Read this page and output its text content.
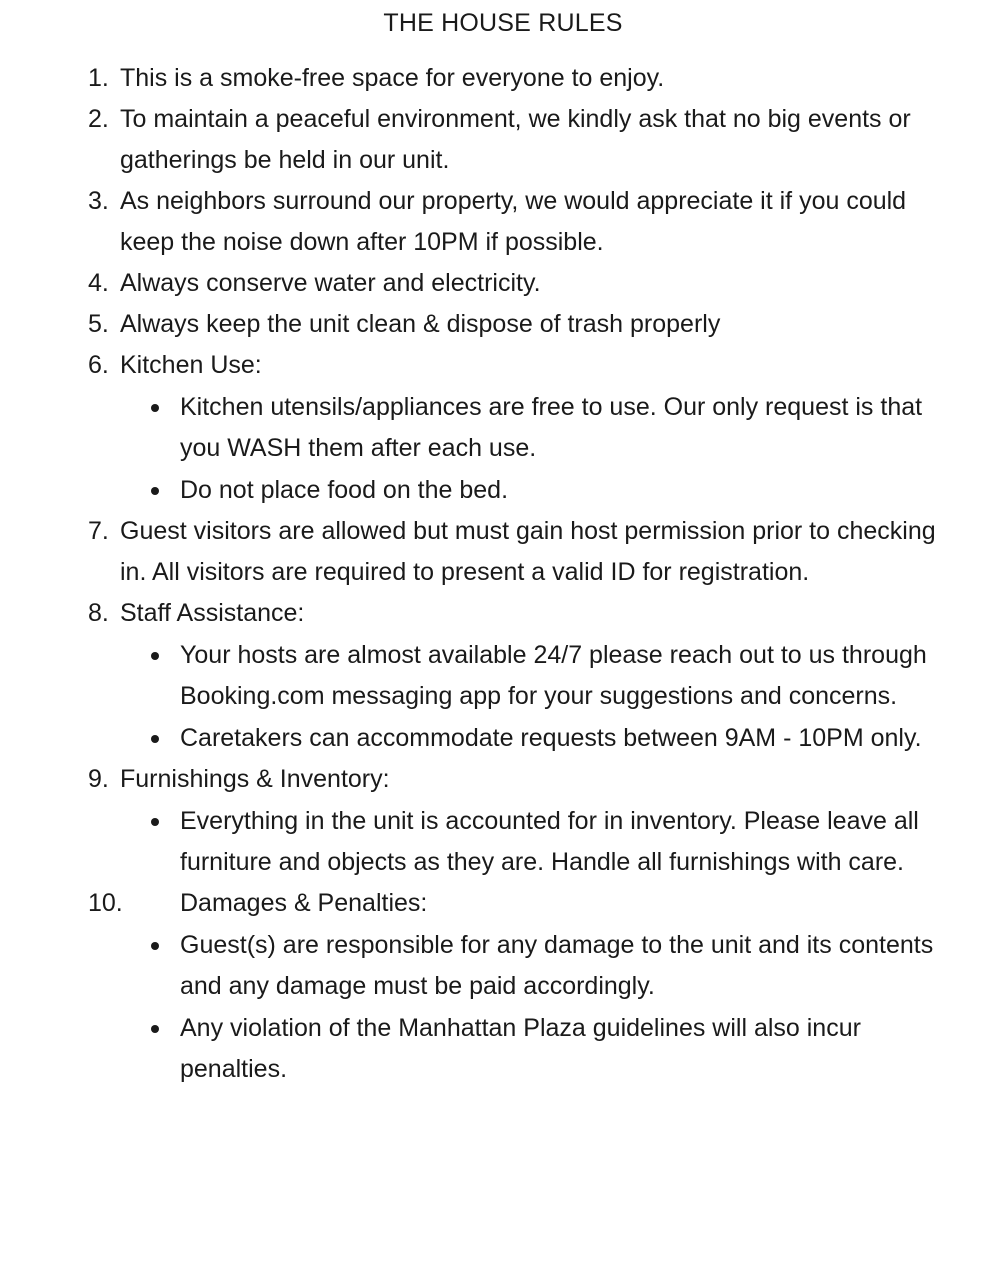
THE HOUSE RULES
1. This is a smoke-free space for everyone to enjoy.
2. To maintain a peaceful environment, we kindly ask that no big events or gatherings be held in our unit.
3. As neighbors surround our property, we would appreciate it if you could keep the noise down after 10PM if possible.
4. Always conserve water and electricity.
5. Always keep the unit clean & dispose of trash properly
6. Kitchen Use:
Kitchen utensils/appliances are free to use. Our only request is that you WASH them after each use.
Do not place food on the bed.
7. Guest visitors are allowed but must gain host permission prior to checking in. All visitors are required to present a valid ID for registration.
8. Staff Assistance:
Your hosts are almost available 24/7 please reach out to us through Booking.com messaging app for your suggestions and concerns.
Caretakers can accommodate requests between 9AM - 10PM only.
9. Furnishings & Inventory:
Everything in the unit is accounted for in inventory. Please leave all furniture and objects as they are. Handle all furnishings with care.
10. Damages & Penalties:
Guest(s) are responsible for any damage to the unit and its contents and any damage must be paid accordingly.
Any violation of the Manhattan Plaza guidelines will also incur penalties.
